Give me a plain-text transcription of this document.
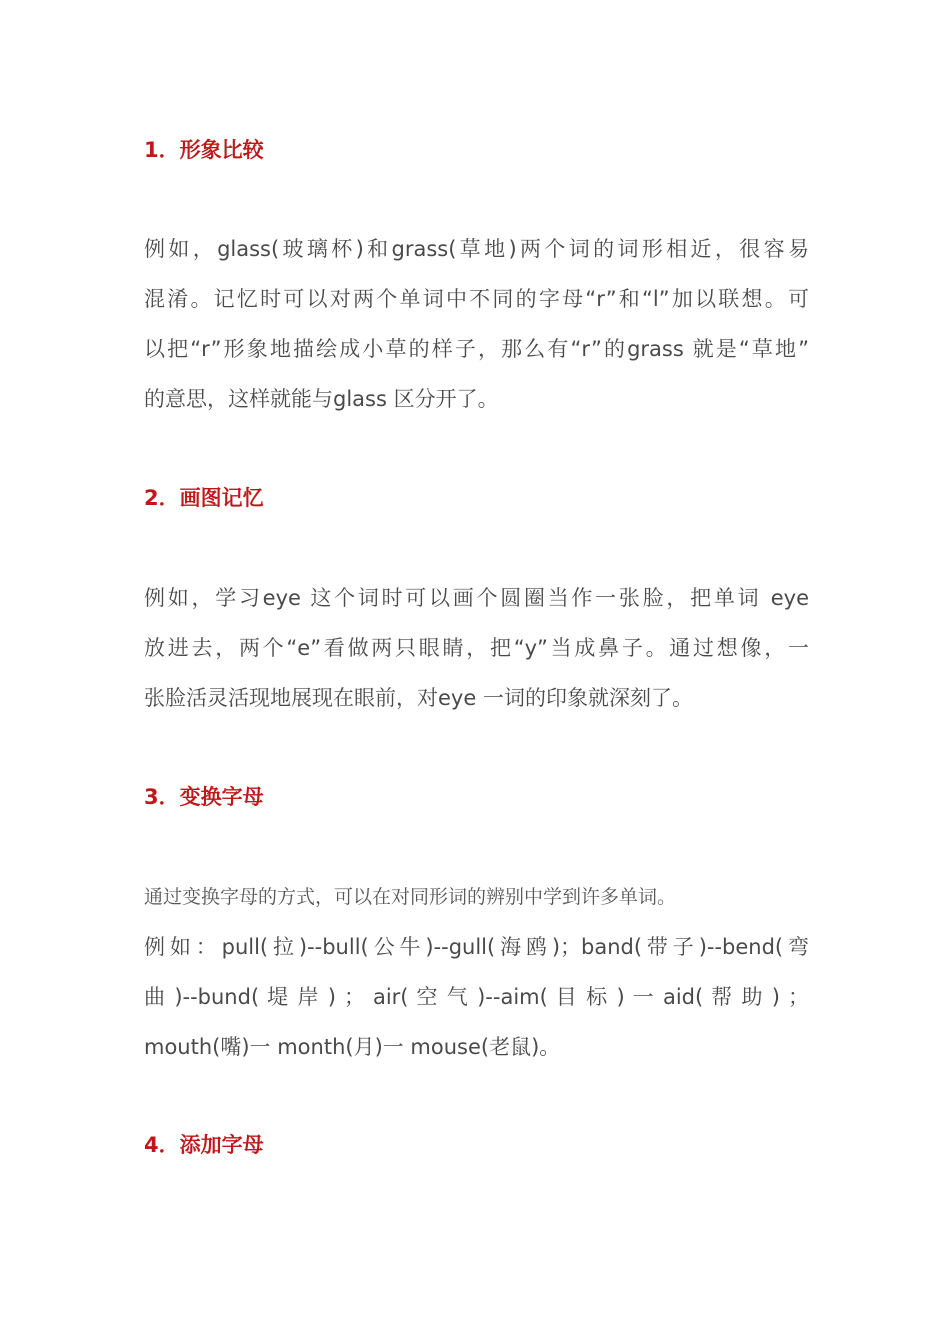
1．形象比较
例如，glass(玻璃杯)和grass(草地)两个词的词形相近，很容易
混淆。记忆时可以对两个单词中不同的字母“r”和“l”加以联想。可
以把“r”形象地描绘成小草的样子，那么有“r”的grass 就是“草地”
的意思，这样就能与glass 区分开了。
2．画图记忆
例如，学习eye 这个词时可以画个圆圈当作一张脸，把单词 eye
放进去，两个“e”看做两只眼睛，把“y”当成鼻子。通过想像，一
张脸活灵活现地展现在眼前，对eye 一词的印象就深刻了。
3．变换字母
通过变换字母的方式，可以在对同形词的辨别中学到许多单词。
例如：pull(拉)--bull(公牛)--gull(海鸥)；band(带子)--bend(弯
曲 )--bund( 堤 岸 ) ； air( 空 气 )--aim( 目 标 ) 一 aid( 帮 助 ) ；
mouth(嘴)一 month(月)一 mouse(老鼠)。
4．添加字母
